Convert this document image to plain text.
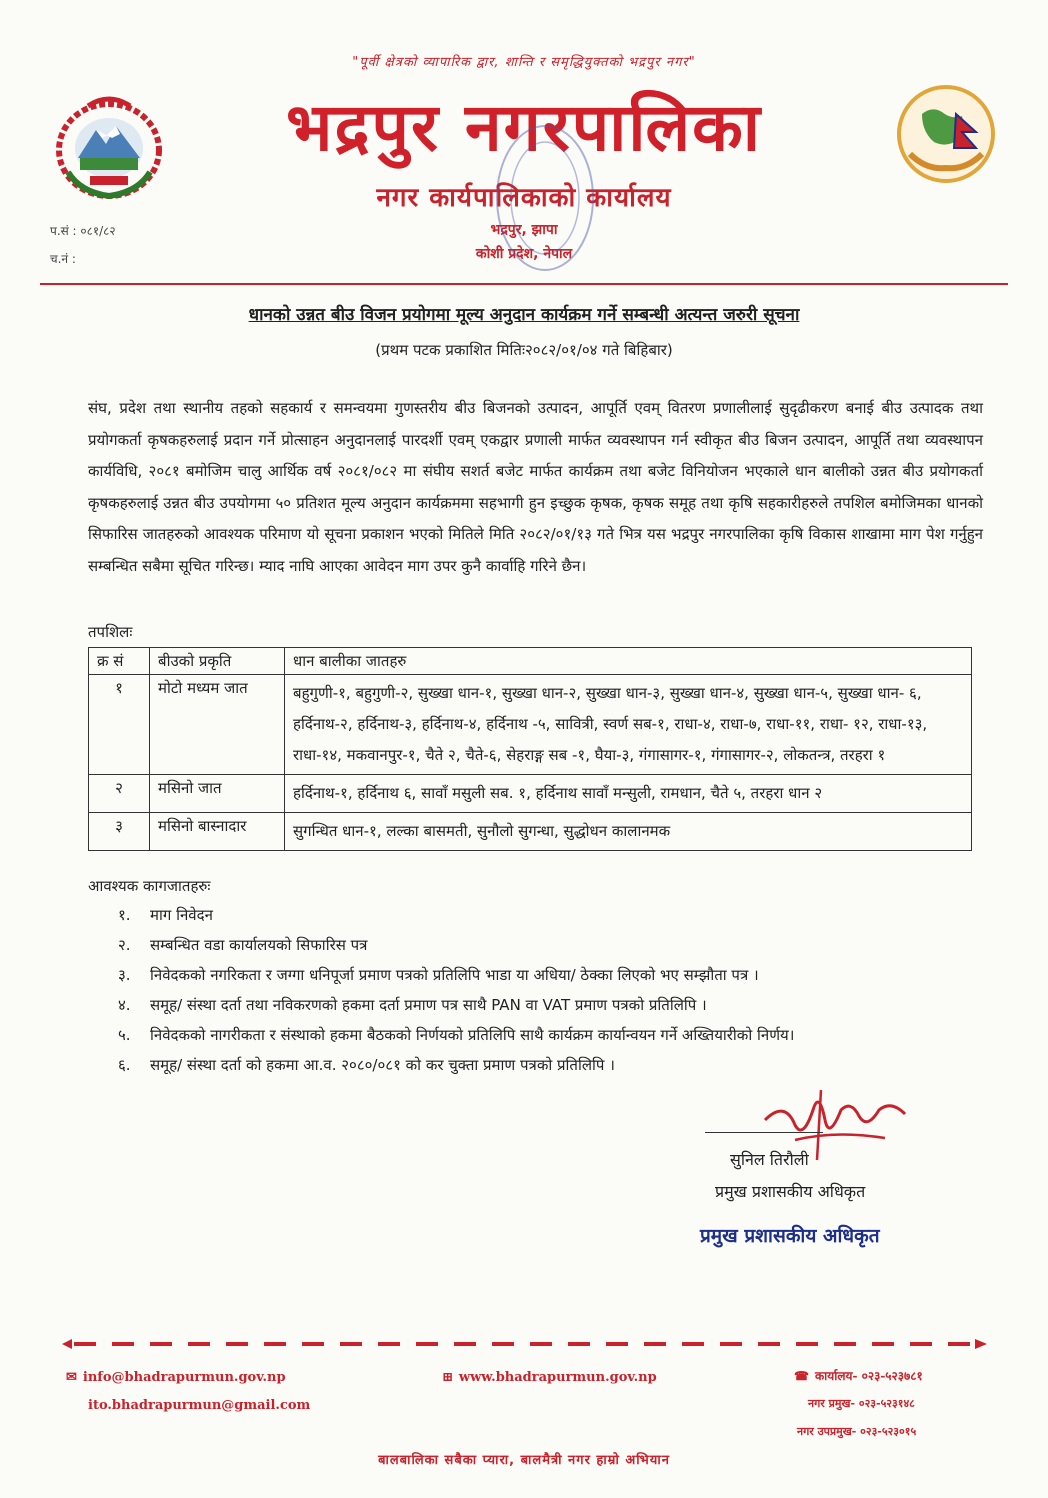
"पूर्वी क्षेत्रको व्यापारिक द्वार, शान्ति र समृद्धियुक्तको भद्रपुर नगर"
भद्रपुर नगरपालिका
नगर कार्यपालिकाको कार्यालय
भद्रपुर, झापा
कोशी प्रदेश, नेपाल
प.सं : ०८१/८२
च.नं :
धानको उन्नत बीउ विजन प्रयोगमा मूल्य अनुदान कार्यक्रम गर्ने सम्बन्धी अत्यन्त जरुरी सूचना
(प्रथम पटक प्रकाशित मितिः२०८२/०१/०४ गते बिहिबार)
संघ, प्रदेश तथा स्थानीय तहको सहकार्य र समन्वयमा गुणस्तरीय बीउ बिजनको उत्पादन, आपूर्ति एवम् वितरण प्रणालीलाई सुदृढीकरण बनाई बीउ उत्पादक तथा प्रयोगकर्ता कृषकहरुलाई प्रदान गर्ने प्रोत्साहन अनुदानलाई पारदर्शी एवम् एकद्वार प्रणाली मार्फत व्यवस्थापन गर्न स्वीकृत बीउ बिजन उत्पादन, आपूर्ति तथा व्यवस्थापन कार्यविधि, २०८१ बमोजिम चालु आर्थिक वर्ष २०८१/०८२ मा संघीय सशर्त बजेट मार्फत कार्यक्रम तथा बजेट विनियोजन भएकाले धान बालीको उन्नत बीउ प्रयोगकर्ता कृषकहरुलाई उन्नत बीउ उपयोगमा ५० प्रतिशत मूल्य अनुदान कार्यक्रममा सहभागी हुन इच्छुक कृषक, कृषक समूह तथा कृषि सहकारीहरुले तपशिल बमोजिमका धानको सिफारिस जातहरुको आवश्यक परिमाण यो सूचना प्रकाशन भएको मितिले मिति २०८२/०१/१३ गते भित्र यस भद्रपुर नगरपालिका कृषि विकास शाखामा माग पेश गर्नुहुन सम्बन्धित सबैमा सूचित गरिन्छ। म्याद नाघि आएका आवेदन माग उपर कुनै कार्वाहि गरिने छैन।
तपशिलः
क्र सं	बीउको प्रकृति	धान बालीका जातहरु
१	मोटो मध्यम जात	बहुगुणी-१, बहुगुणी-२, सुख्खा धान-१, सुख्खा धान-२, सुख्खा धान-३, सुख्खा धान-४, सुख्खा धान-५, सुख्खा धान- ६, हर्दिनाथ-२, हर्दिनाथ-३, हर्दिनाथ-४, हर्दिनाथ -५, सावित्री, स्वर्ण सब-१, राधा-४, राधा-७, राधा-११, राधा- १२, राधा-१३, राधा-१४, मकवानपुर-१, चैते २, चैते-६, सेहराङ्ग सब -१, घैया-३, गंगासागर-१, गंगासागर-२, लोकतन्त्र, तरहरा १
२	मसिनो जात	हर्दिनाथ-१, हर्दिनाथ ६, सावाँ मसुली सब. १, हर्दिनाथ सावाँ मन्सुली, रामधान, चैते ५, तरहरा धान २
३	मसिनो बास्नादार	सुगन्धित धान-१, लल्का बासमती, सुनौलो सुगन्धा, सुद्धोधन कालानमक
आवश्यक कागजातहरुः
१. माग निवेदन
२. सम्बन्धित वडा कार्यालयको सिफारिस पत्र
३. निवेदकको नगरिकता र जग्गा धनिपूर्जा प्रमाण पत्रको प्रतिलिपि भाडा या अधिया/ ठेक्का लिएको भए सम्झौता पत्र ।
४. समूह/ संस्था दर्ता तथा नविकरणको हकमा दर्ता प्रमाण पत्र साथै PAN वा VAT प्रमाण पत्रको प्रतिलिपि ।
५. निवेदकको नागरीकता र संस्थाको हकमा बैठकको निर्णयको प्रतिलिपि साथै कार्यक्रम कार्यान्वयन गर्ने अख्तियारीको निर्णय।
६. समूह/ संस्था दर्ता को हकमा आ.व. २०८०/०८१ को कर चुक्ता प्रमाण पत्रको प्रतिलिपि ।
सुनिल तिरौली
प्रमुख प्रशासकीय अधिकृत
प्रमुख प्रशासकीय अधिकृत
✉ info@bhadrapurmun.gov.np
ito.bhadrapurmun@gmail.com
⊞ www.bhadrapurmun.gov.np	☎ कार्यालय- ०२३-५२३७८१
नगर प्रमुख- ०२३-५२३१४८
नगर उपप्रमुख- ०२३-५२३०१५
बालबालिका सबैका प्यारा, बालमैत्री नगर हाम्रो अभियान
